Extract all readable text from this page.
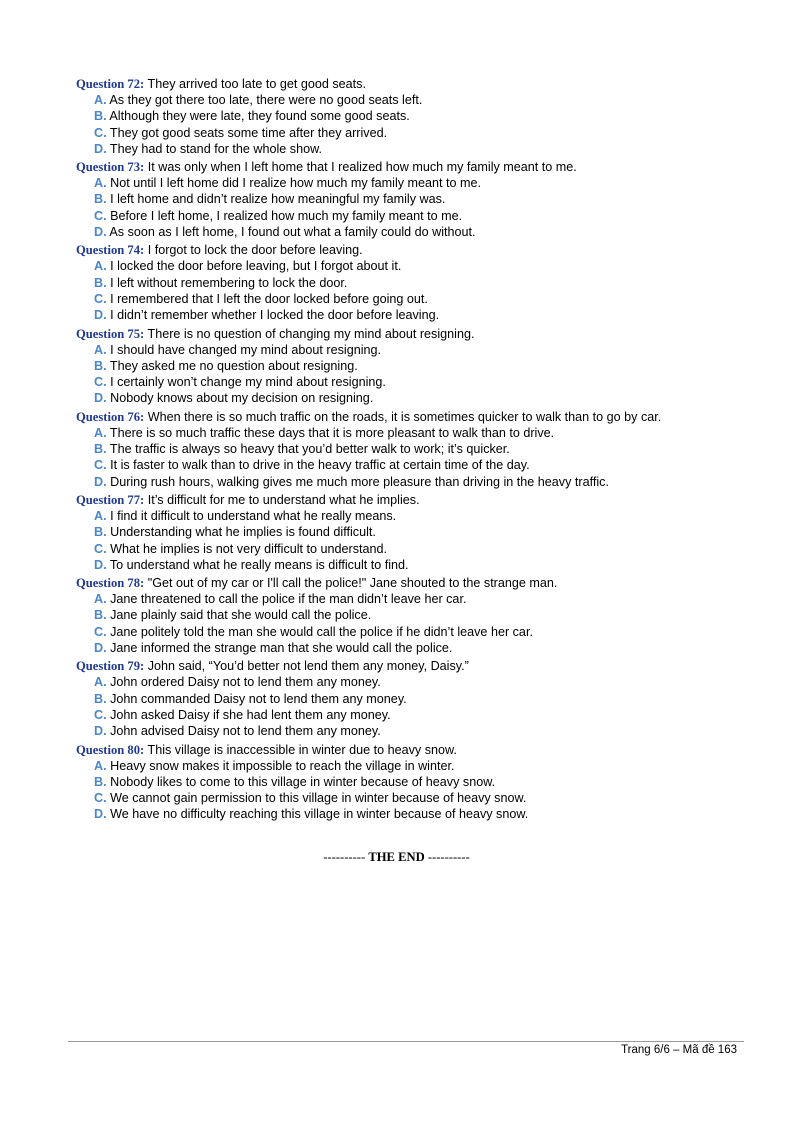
Question 72: They arrived too late to get good seats.
A. As they got there too late, there were no good seats left.
B. Although they were late, they found some good seats.
C. They got good seats some time after they arrived.
D. They had to stand for the whole show.
Question 73: It was only when I left home that I realized how much my family meant to me.
A. Not until I left home did I realize how much my family meant to me.
B. I left home and didn’t realize how meaningful my family was.
C. Before I left home, I realized how much my family meant to me.
D. As soon as I left home, I found out what a family could do without.
Question 74: I forgot to lock the door before leaving.
A. I locked the door before leaving, but I forgot about it.
B. I left without remembering to lock the door.
C. I remembered that I left the door locked before going out.
D. I didn’t remember whether I locked the door before leaving.
Question 75: There is no question of changing my mind about resigning.
A. I should have changed my mind about resigning.
B. They asked me no question about resigning.
C. I certainly won’t change my mind about resigning.
D. Nobody knows about my decision on resigning.
Question 76: When there is so much traffic on the roads, it is sometimes quicker to walk than to go by car.
A. There is so much traffic these days that it is more pleasant to walk than to drive.
B. The traffic is always so heavy that you’d better walk to work; it’s quicker.
C. It is faster to walk than to drive in the heavy traffic at certain time of the day.
D. During rush hours, walking gives me much more pleasure than driving in the heavy traffic.
Question 77: It’s difficult for me to understand what he implies.
A. I find it difficult to understand what he really means.
B. Understanding what he implies is found difficult.
C. What he implies is not very difficult to understand.
D. To understand what he really means is difficult to find.
Question 78: "Get out of my car or I'll call the police!" Jane shouted to the strange man.
A. Jane threatened to call the police if the man didn’t leave her car.
B. Jane plainly said that she would call the police.
C. Jane politely told the man she would call the police if he didn’t leave her car.
D. Jane informed the strange man that she would call the police.
Question 79: John said, “You’d better not lend them any money, Daisy.”
A. John ordered Daisy not to lend them any money.
B. John commanded Daisy not to lend them any money.
C. John asked Daisy if she had lent them any money.
D. John advised Daisy not to lend them any money.
Question 80: This village is inaccessible in winter due to heavy snow.
A. Heavy snow makes it impossible to reach the village in winter.
B. Nobody likes to come to this village in winter because of heavy snow.
C. We cannot gain permission to this village in winter because of heavy snow.
D. We have no difficulty reaching this village in winter because of heavy snow.
---------- THE END ----------
Trang 6/6 – Mã đề 163
